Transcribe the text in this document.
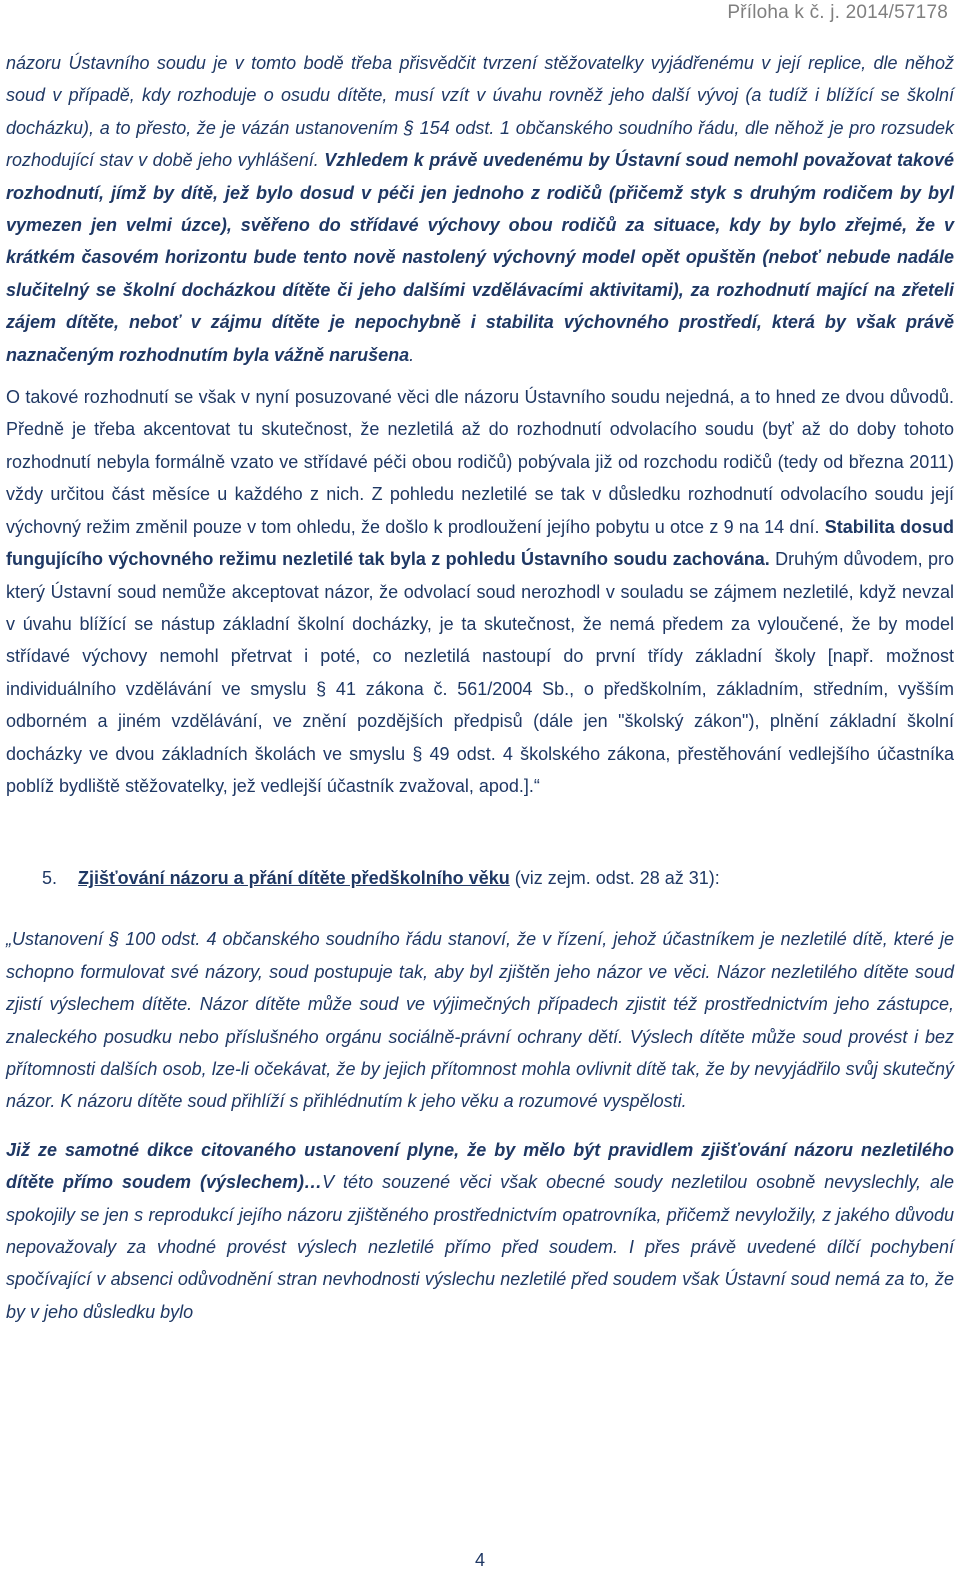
Příloha k č. j. 2014/57178

názoru Ústavního soudu je v tomto bodě třeba přisvědčit tvrzení stěžovatelky vyjádřenému v její replice, dle něhož soud v případě, kdy rozhoduje o osudu dítěte, musí vzít v úvahu rovněž jeho další vývoj (a tudíž i blížící se školní docházku), a to přesto, že je vázán ustanovením § 154 odst. 1 občanského soudního řádu, dle něhož je pro rozsudek rozhodující stav v době jeho vyhlášení. Vzhledem k právě uvedenému by Ústavní soud nemohl považovat takové rozhodnutí, jímž by dítě, jež bylo dosud v péči jen jednoho z rodičů (přičemž styk s druhým rodičem by byl vymezen jen velmi úzce), svěřeno do střídavé výchovy obou rodičů za situace, kdy by bylo zřejmé, že v krátkém časovém horizontu bude tento nově nastolený výchovný model opět opuštěn (neboť nebude nadále slučitelný se školní docházkou dítěte či jeho dalšími vzdělávacími aktivitami), za rozhodnutí mající na zřeteli zájem dítěte, neboť v zájmu dítěte je nepochybně i stabilita výchovného prostředí, která by však právě naznačeným rozhodnutím byla vážně narušena.

O takové rozhodnutí se však v nyní posuzované věci dle názoru Ústavního soudu nejedná, a to hned ze dvou důvodů. Předně je třeba akcentovat tu skutečnost, že nezletilá až do rozhodnutí odvolacího soudu (byť až do doby tohoto rozhodnutí nebyla formálně vzato ve střídavé péči obou rodičů) pobývala již od rozchodu rodičů (tedy od března 2011) vždy určitou část měsíce u každého z nich. Z pohledu nezletilé se tak v důsledku rozhodnutí odvolacího soudu její výchovný režim změnil pouze v tom ohledu, že došlo k prodloužení jejího pobytu u otce z 9 na 14 dní. Stabilita dosud fungujícího výchovného režimu nezletilé tak byla z pohledu Ústavního soudu zachována. Druhým důvodem, pro který Ústavní soud nemůže akceptovat názor, že odvolací soud nerozhodl v souladu se zájmem nezletilé, když nevzal v úvahu blížící se nástup základní školní docházky, je ta skutečnost, že nemá předem za vyloučené, že by model střídavé výchovy nemohl přetrvat i poté, co nezletilá nastoupí do první třídy základní školy [např. možnost individuálního vzdělávání ve smyslu § 41 zákona č. 561/2004 Sb., o předškolním, základním, středním, vyšším odborném a jiném vzdělávání, ve znění pozdějších předpisů (dále jen "školský zákon"), plnění základní školní docházky ve dvou základních školách ve smyslu § 49 odst. 4 školského zákona, přestěhování vedlejšího účastníka poblíž bydliště stěžovatelky, jež vedlejší účastník zvažoval, apod.].“

5. Zjišťování názoru a přání dítěte předškolního věku (viz zejm. odst. 28 až 31):

„Ustanovení § 100 odst. 4 občanského soudního řádu stanoví, že v řízení, jehož účastníkem je nezletilé dítě, které je schopno formulovat své názory, soud postupuje tak, aby byl zjištěn jeho názor ve věci. Názor nezletilého dítěte soud zjistí výslechem dítěte. Názor dítěte může soud ve výjimečných případech zjistit též prostřednictvím jeho zástupce, znaleckého posudku nebo příslušného orgánu sociálně-právní ochrany dětí. Výslech dítěte může soud provést i bez přítomnosti dalších osob, lze-li očekávat, že by jejich přítomnost mohla ovlivnit dítě tak, že by nevyjádřilo svůj skutečný názor. K názoru dítěte soud přihlíží s přihlédnutím k jeho věku a rozumové vyspělosti.

Již ze samotné dikce citovaného ustanovení plyne, že by mělo být pravidlem zjišťování názoru nezletilého dítěte přímo soudem (výslechem)…V této souzené věci však obecné soudy nezletilou osobně nevyslechly, ale spokojily se jen s reprodukcí jejího názoru zjištěného prostřednictvím opatrovníka, přičemž nevyložily, z jakého důvodu nepovažovaly za vhodné provést výslech nezletilé přímo před soudem. I přes právě uvedené dílčí pochybení spočívající v absenci odůvodnění stran nevhodnosti výslechu nezletilé před soudem však Ústavní soud nemá za to, že by v jeho důsledku bylo

4
